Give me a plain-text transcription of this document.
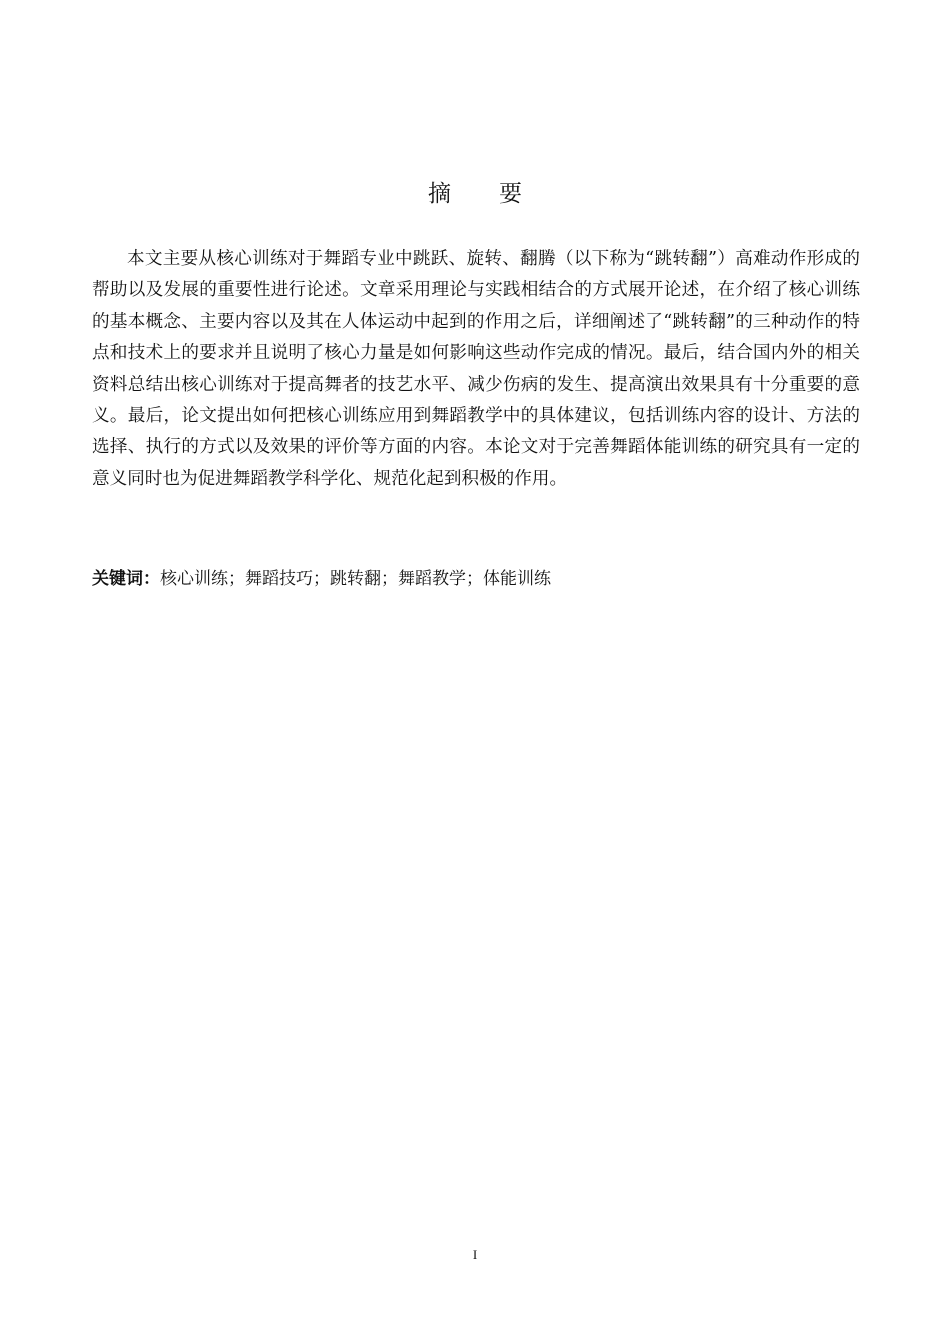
摘 要

本文主要从核心训练对于舞蹈专业中跳跃、旋转、翻腾（以下称为“跳转翻”）高难动作形成的帮助以及发展的重要性进行论述。文章采用理论与实践相结合的方式展开论述，在介绍了核心训练的基本概念、主要内容以及其在人体运动中起到的作用之后，详细阐述了“跳转翻”的三种动作的特点和技术上的要求并且说明了核心力量是如何影响这些动作完成的情况。最后，结合国内外的相关资料总结出核心训练对于提高舞者的技艺水平、减少伤病的发生、提高演出效果具有十分重要的意义。最后，论文提出如何把核心训练应用到舞蹈教学中的具体建议，包括训练内容的设计、方法的选择、执行的方式以及效果的评价等方面的内容。本论文对于完善舞蹈体能训练的研究具有一定的意义同时也为促进舞蹈教学科学化、规范化起到积极的作用。

关键词：核心训练；舞蹈技巧；跳转翻；舞蹈教学；体能训练
I
